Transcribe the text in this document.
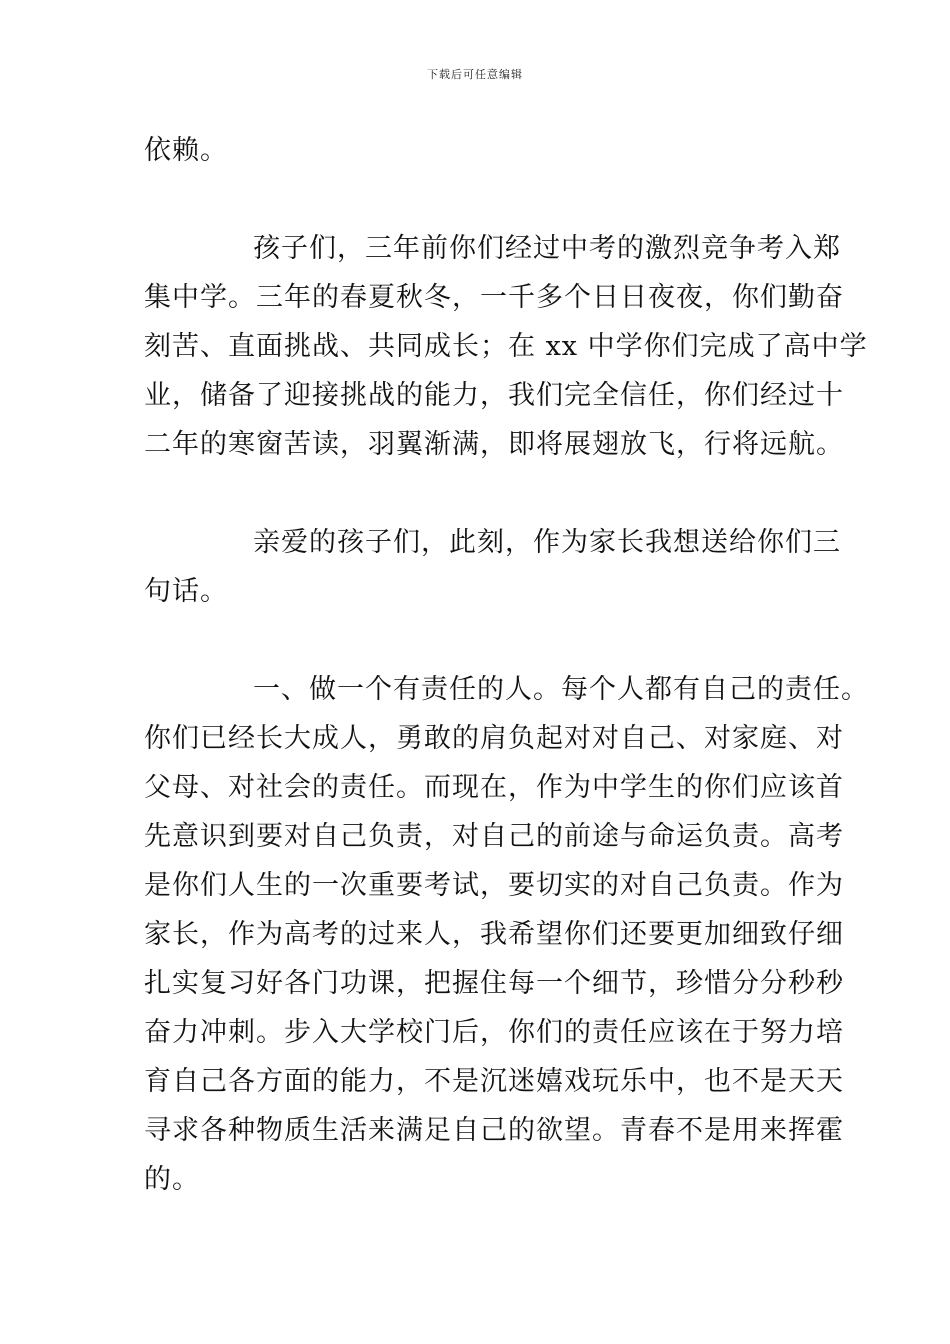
下载后可任意编辑
依赖。
孩子们，三年前你们经过中考的激烈竞争考入郑
集中学。三年的春夏秋冬，一千多个日日夜夜，你们勤奋
刻苦、直面挑战、共同成长；在 xx 中学你们完成了高中学
业，储备了迎接挑战的能力，我们完全信任，你们经过十
二年的寒窗苦读，羽翼渐满，即将展翅放飞，行将远航。
亲爱的孩子们，此刻，作为家长我想送给你们三
句话。
一、做一个有责任的人。每个人都有自己的责任。
你们已经长大成人，勇敢的肩负起对对自己、对家庭、对
父母、对社会的责任。而现在，作为中学生的你们应该首
先意识到要对自己负责，对自己的前途与命运负责。高考
是你们人生的一次重要考试，要切实的对自己负责。作为
家长，作为高考的过来人，我希望你们还要更加细致仔细
扎实复习好各门功课，把握住每一个细节，珍惜分分秒秒
奋力冲刺。步入大学校门后，你们的责任应该在于努力培
育自己各方面的能力，不是沉迷嬉戏玩乐中，也不是天天
寻求各种物质生活来满足自己的欲望。青春不是用来挥霍
的。
